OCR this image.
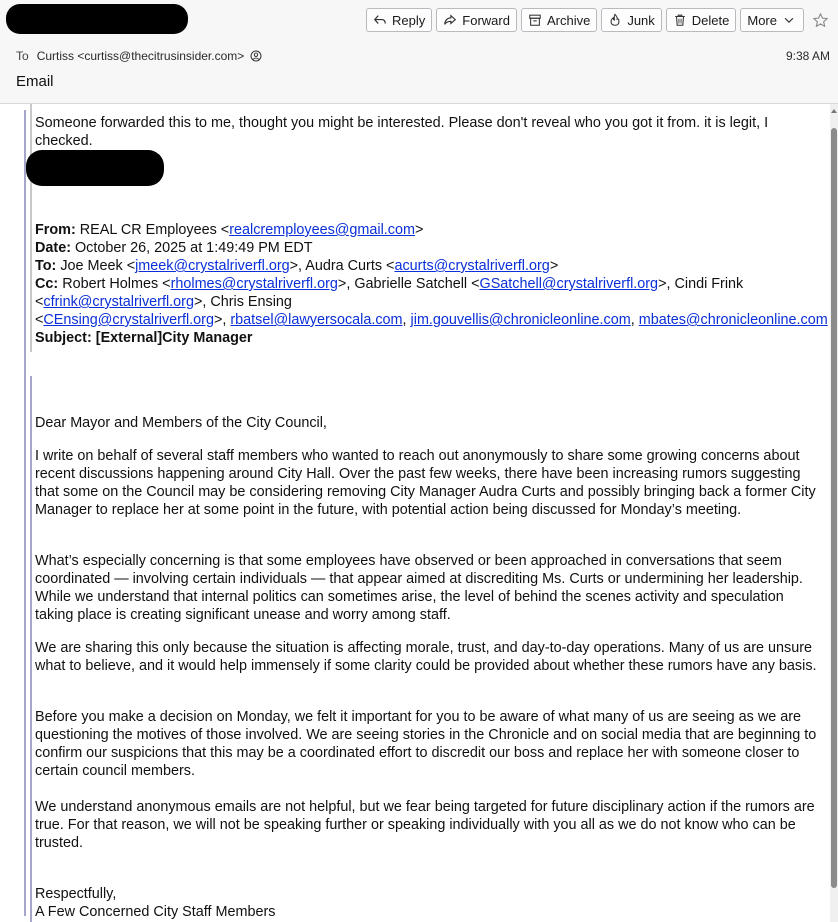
Reply	Forward	Archive	Junk	Delete More
To Curtiss <curtiss@thecitrusinsider.com>	9:38 AM
Email
Someone forwarded this to me, thought you might be interested. Please don't reveal who you got it from. it is legit, I checked.
From: REAL CR Employees <realcremployees@gmail.com>
Date: October 26, 2025 at 1:49:49 PM EDT
To: Joe Meek <jmeek@crystalriverfl.org>, Audra Curts <acurts@crystalriverfl.org>
Cc: Robert Holmes <rholmes@crystalriverfl.org>, Gabrielle Satchell <GSatchell@crystalriverfl.org>, Cindi Frink
<cfrink@crystalriverfl.org>, Chris Ensing
<CEnsing@crystalriverfl.org>, rbatsel@lawyersocala.com, jim.gouvellis@chronicleonline.com, mbates@chronicleonline.com
Subject: [External]City Manager
Dear Mayor and Members of the City Council,
I write on behalf of several staff members who wanted to reach out anonymously to share some growing concerns about recent discussions happening around City Hall. Over the past few weeks, there have been increasing rumors suggesting that some on the Council may be considering removing City Manager Audra Curts and possibly bringing back a former City Manager to replace her at some point in the future, with potential action being discussed for Monday’s meeting.
What’s especially concerning is that some employees have observed or been approached in conversations that seem coordinated — involving certain individuals — that appear aimed at discrediting Ms. Curts or undermining her leadership. While we understand that internal politics can sometimes arise, the level of behind the scenes activity and speculation taking place is creating significant unease and worry among staff.
We are sharing this only because the situation is affecting morale, trust, and day-to-day operations. Many of us are unsure what to believe, and it would help immensely if some clarity could be provided about whether these rumors have any basis.
Before you make a decision on Monday, we felt it important for you to be aware of what many of us are seeing as we are questioning the motives of those involved. We are seeing stories in the Chronicle and on social media that are beginning to confirm our suspicions that this may be a coordinated effort to discredit our boss and replace her with someone closer to certain council members.
We understand anonymous emails are not helpful, but we fear being targeted for future disciplinary action if the rumors are true. For that reason, we will not be speaking further or speaking individually with you all as we do not know who can be trusted.
Respectfully,
A Few Concerned City Staff Members
